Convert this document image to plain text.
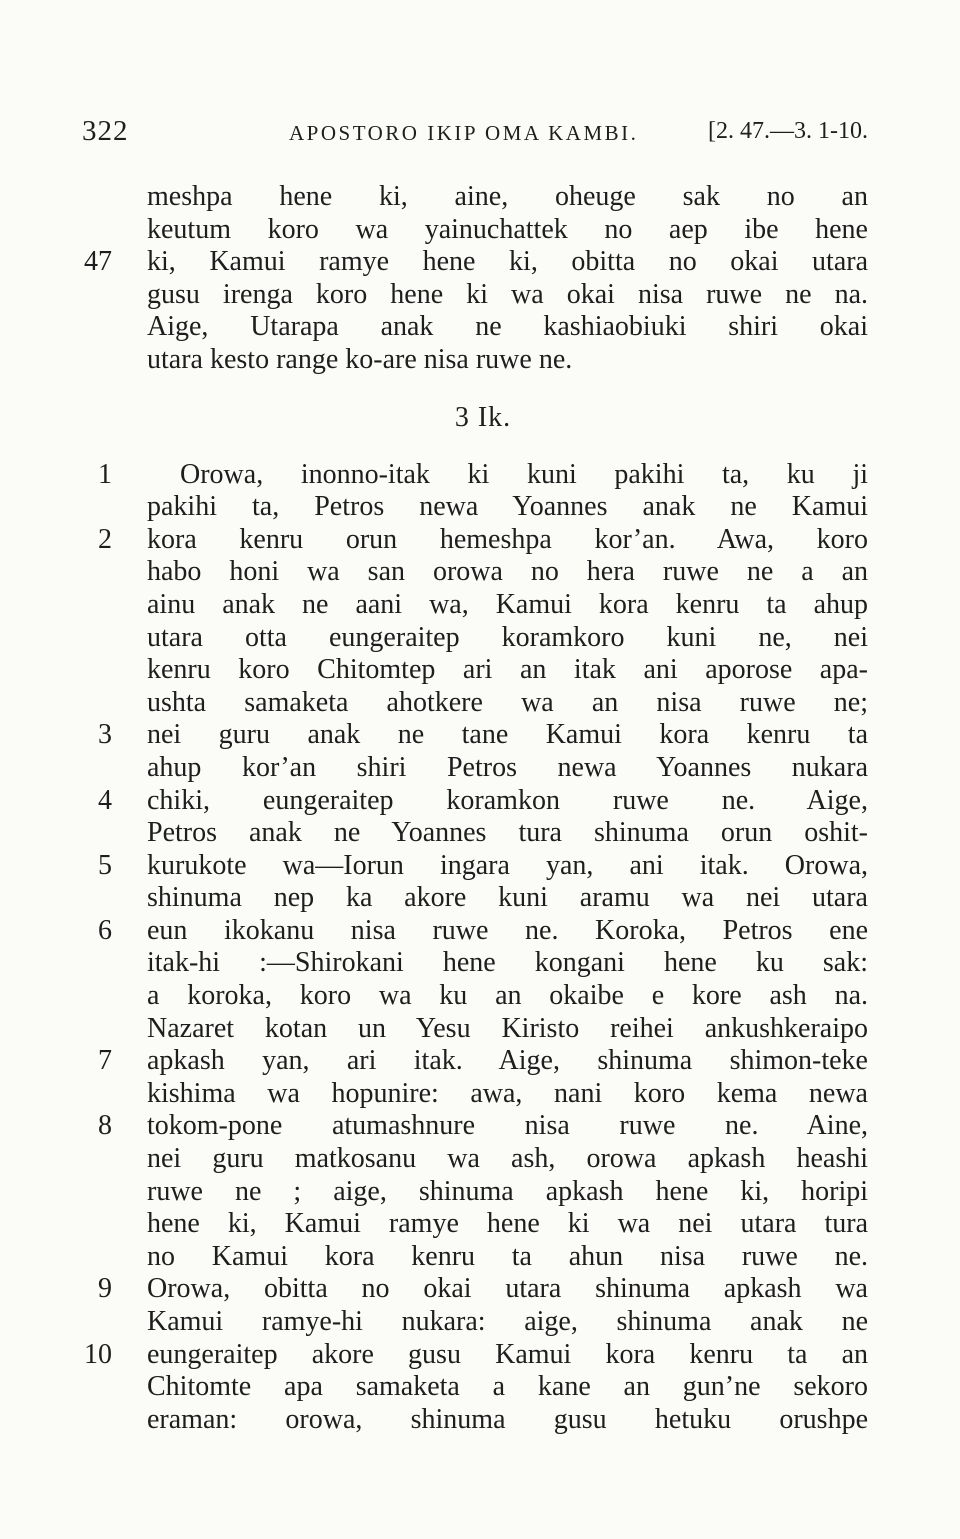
322	APOSTORO IKIP OMA KAMBI.	[2. 47.—3. 1-10.
meshpa hene ki, aine, oheuge sak no an
keutum koro wa yainuchattek no aep ibe hene
47 ki, Kamui ramye hene ki, obitta no okai utara
gusu irenga koro hene ki wa okai nisa ruwe ne na.
Aige, Utarapa anak ne kashiaobiuki shiri okai
utara kesto range ko-are nisa ruwe ne.
3 Ik.
1 Orowa, inonno-itak ki kuni pakihi ta, ku ji
pakihi ta, Petros newa Yoannes anak ne Kamui
2 kora kenru orun hemeshpa kor’an. Awa, koro
habo honi wa san orowa no hera ruwe ne a an
ainu anak ne aani wa, Kamui kora kenru ta ahup
utara otta eungeraitep koramkoro kuni ne, nei
kenru koro Chitomtep ari an itak ani aporose apa-
ushta samaketa ahotkere wa an nisa ruwe ne;
3 nei guru anak ne tane Kamui kora kenru ta
ahup kor’an shiri Petros newa Yoannes nukara
4 chiki, eungeraitep koramkon ruwe ne. Aige,
Petros anak ne Yoannes tura shinuma orun oshit-
5 kurukote wa—Iorun ingara yan, ani itak. Orowa,
shinuma nep ka akore kuni aramu wa nei utara
6 eun ikokanu nisa ruwe ne. Koroka, Petros ene
itak-hi :—Shirokani hene kongani hene ku sak:
a koroka, koro wa ku an okaibe e kore ash na.
Nazaret kotan un Yesu Kiristo reihei ankushkeraipo
7 apkash yan, ari itak. Aige, shinuma shimon-teke
kishima wa hopunire: awa, nani koro kema newa
8 tokom-pone atumashnure nisa ruwe ne. Aine,
nei guru matkosanu wa ash, orowa apkash heashi
ruwe ne ; aige, shinuma apkash hene ki, horipi
hene ki, Kamui ramye hene ki wa nei utara tura
no Kamui kora kenru ta ahun nisa ruwe ne.
9 Orowa, obitta no okai utara shinuma apkash wa
Kamui ramye-hi nukara: aige, shinuma anak ne
10 eungeraitep akore gusu Kamui kora kenru ta an
Chitomte apa samaketa a kane an gun’ne sekoro
eraman: orowa, shinuma gusu hetuku orushpe
